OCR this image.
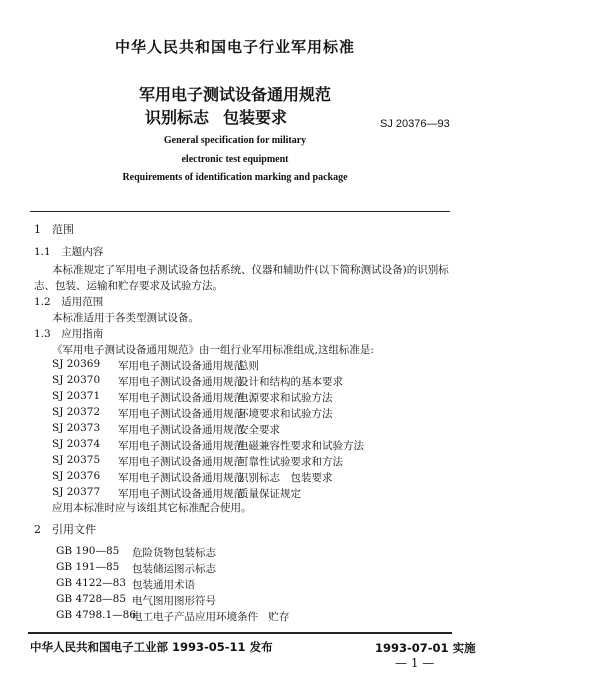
中华人民共和国电子行业军用标准
军用电子测试设备通用规范
识别标志 包装要求	SJ 20376—93
General specification for military
electronic test equipment
Requirements of identification marking and package
1　范围
1.1　主题内容
本标准规定了军用电子测试设备包括系统、仪器和辅助件(以下简称测试设备)的识别标
志、包装、运输和贮存要求及试验方法。
1.2　适用范围
本标准适用于各类型测试设备。
1.3　应用指南
《军用电子测试设备通用规范》由一组行业军用标准组成,这组标准是:
SJ 20369 军用电子测试设备通用规范
总则
SJ 20370 军用电子测试设备通用规范
设计和结构的基本要求
SJ 20371 军用电子测试设备通用规范
电源要求和试验方法
SJ 20372 军用电子测试设备通用规范
环境要求和试验方法
SJ 20373 军用电子测试设备通用规范
安全要求
SJ 20374 军用电子测试设备通用规范
电磁兼容性要求和试验方法
SJ 20375 军用电子测试设备通用规范
可靠性试验要求和方法
SJ 20376 军用电子测试设备通用规范
识别标志　包装要求
SJ 20377 军用电子测试设备通用规范
质量保证规定
应用本标准时应与该组其它标准配合使用。
2　引用文件
GB 190—85 危险货物包装标志
GB 191—85 包装储运图示标志
GB 4122—83 包装通用术语
GB 4728—85 电气图用图形符号
GB 4798.1—86
电工电子产品应用环境条件　贮存
中华人民共和国电子工业部 1993-05-11 发布	1993-07-01 实施
— 1 —
